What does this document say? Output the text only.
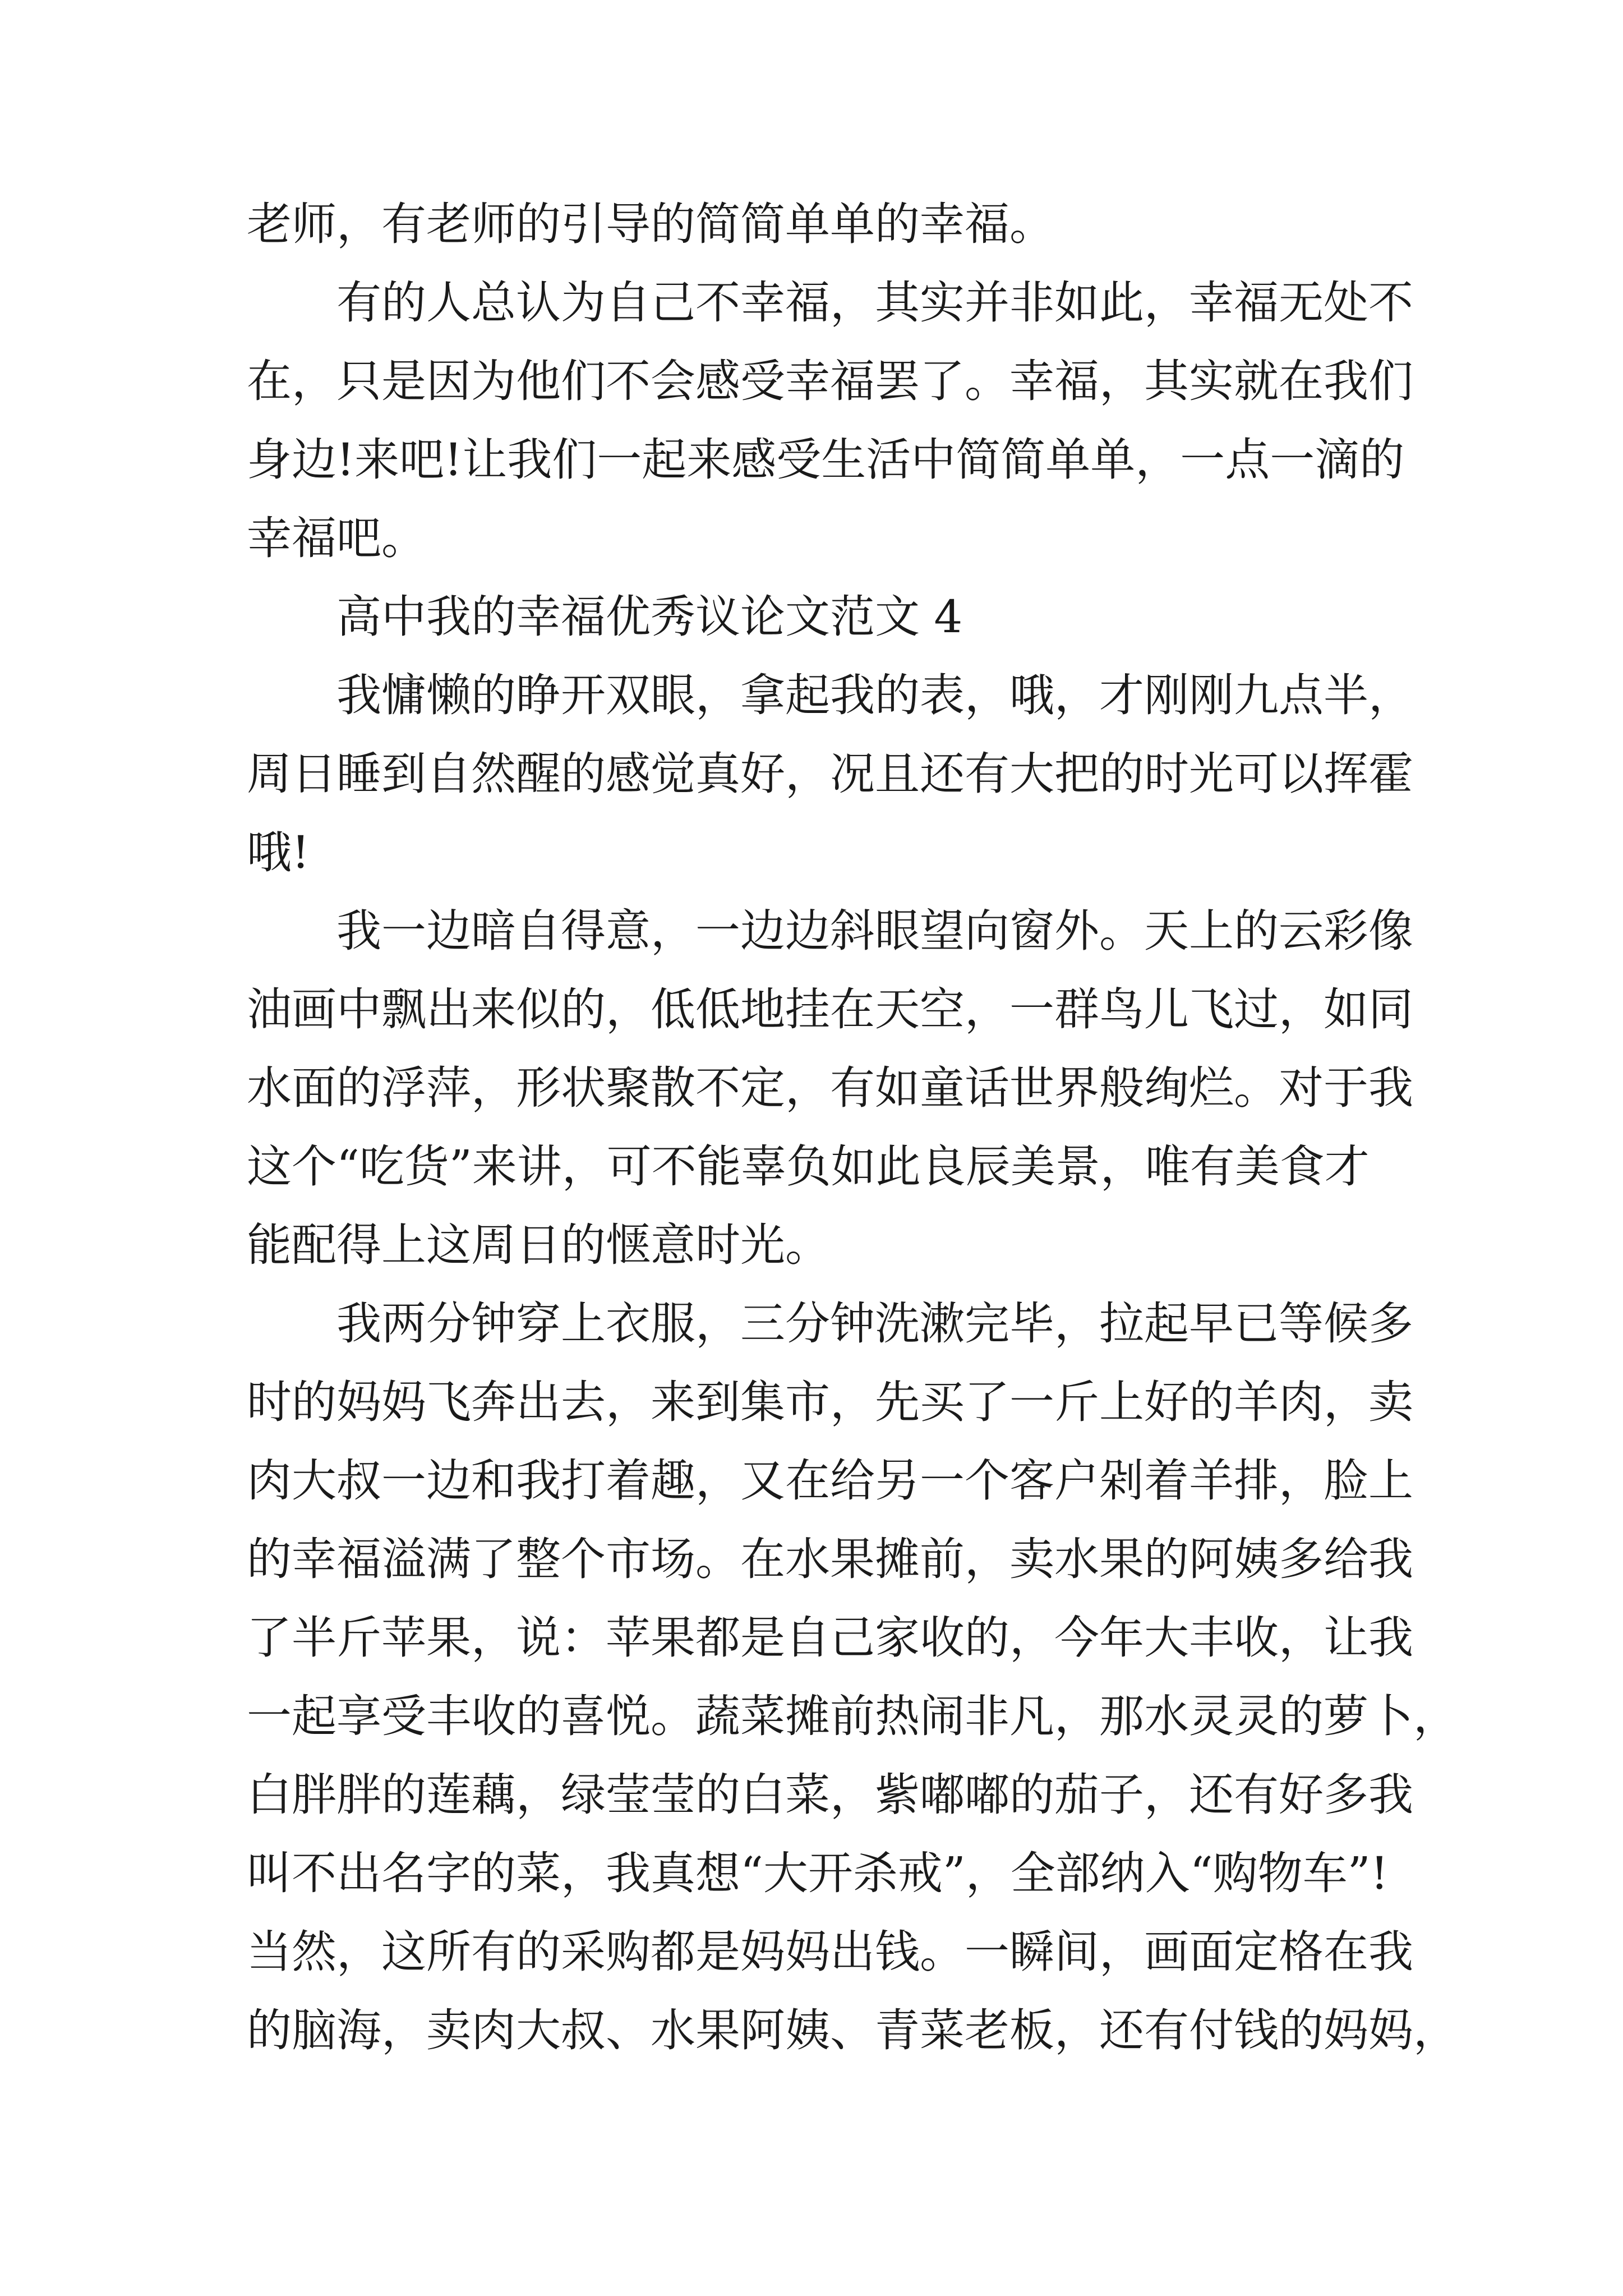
老师，有老师的引导的简简单单的幸福。
有的人总认为自己不幸福，其实并非如此，幸福无处不
在，只是因为他们不会感受幸福罢了。幸福，其实就在我们
身边!来吧!让我们一起来感受生活中简简单单，一点一滴的
幸福吧。
高中我的幸福优秀议论文范文 4
我慵懒的睁开双眼，拿起我的表，哦，才刚刚九点半，
周日睡到自然醒的感觉真好，况且还有大把的时光可以挥霍
哦!
我一边暗自得意，一边边斜眼望向窗外。天上的云彩像
油画中飘出来似的，低低地挂在天空，一群鸟儿飞过，如同
水面的浮萍，形状聚散不定，有如童话世界般绚烂。对于我
这个“吃货”来讲，可不能辜负如此良辰美景，唯有美食才
能配得上这周日的惬意时光。
我两分钟穿上衣服，三分钟洗漱完毕，拉起早已等候多
时的妈妈飞奔出去，来到集市，先买了一斤上好的羊肉，卖
肉大叔一边和我打着趣，又在给另一个客户剁着羊排，脸上
的幸福溢满了整个市场。在水果摊前，卖水果的阿姨多给我
了半斤苹果，说：苹果都是自己家收的，今年大丰收，让我
一起享受丰收的喜悦。蔬菜摊前热闹非凡，那水灵灵的萝卜，
白胖胖的莲藕，绿莹莹的白菜，紫嘟嘟的茄子，还有好多我
叫不出名字的菜，我真想“大开杀戒”，全部纳入“购物车”!
当然，这所有的采购都是妈妈出钱。一瞬间，画面定格在我
的脑海，卖肉大叔、水果阿姨、青菜老板，还有付钱的妈妈，
